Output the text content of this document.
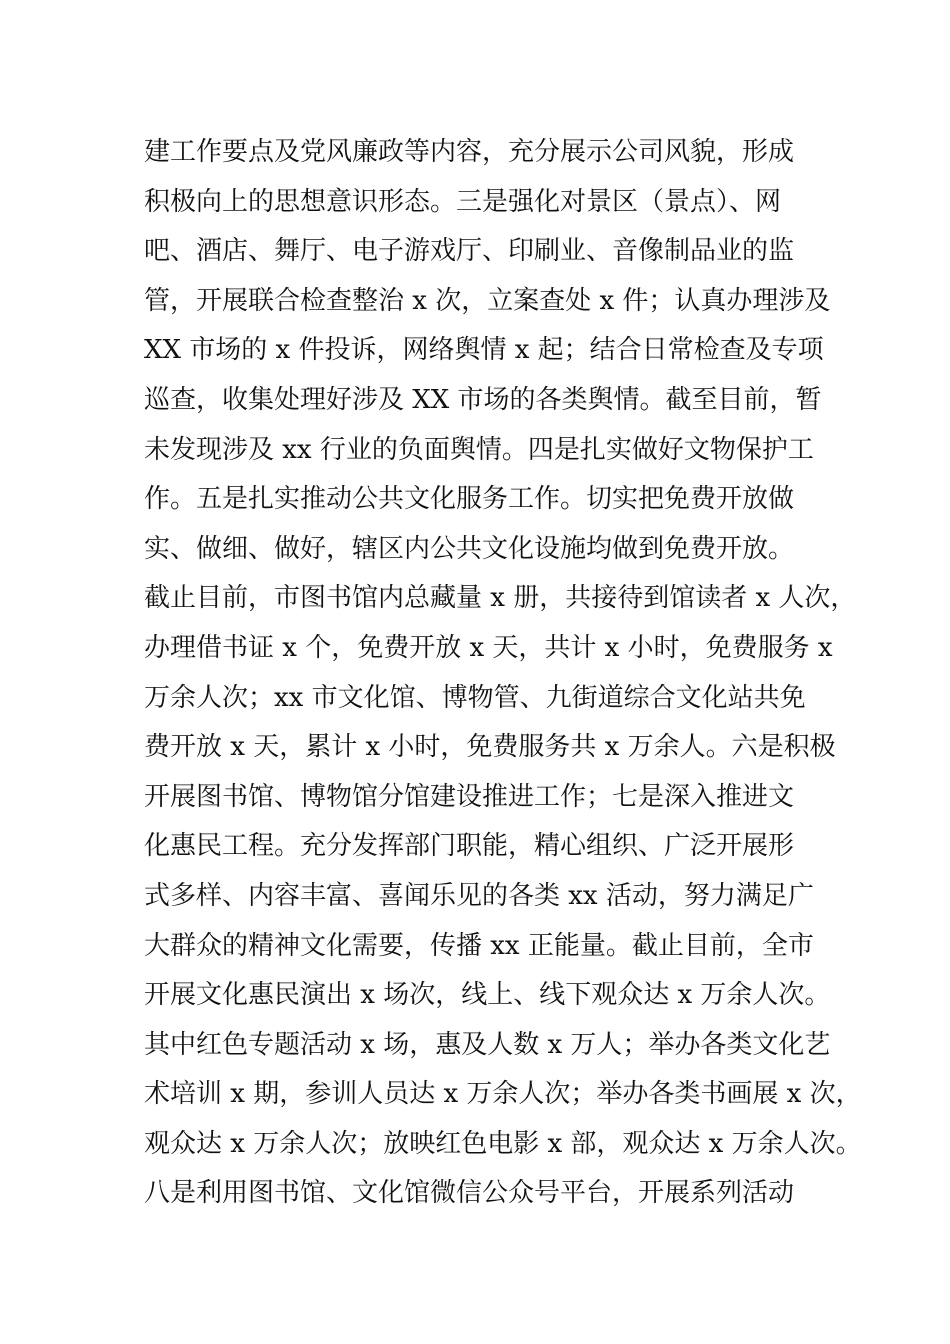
建工作要点及党风廉政等内容，充分展示公司风貌，形成
积极向上的思想意识形态。三是强化对景区（景点）、网
吧、酒店、舞厅、电子游戏厅、印刷业、音像制品业的监
管，开展联合检查整治 x 次，立案查处 x 件；认真办理涉及
XX 市场的 x 件投诉，网络舆情 x 起；结合日常检查及专项
巡查，收集处理好涉及 XX 市场的各类舆情。截至目前，暂
未发现涉及 xx 行业的负面舆情。四是扎实做好文物保护工
作。五是扎实推动公共文化服务工作。切实把免费开放做
实、做细、做好，辖区内公共文化设施均做到免费开放。
截止目前，市图书馆内总藏量 x 册，共接待到馆读者 x 人次，
办理借书证 x 个，免费开放 x 天，共计 x 小时，免费服务 x
万余人次；xx 市文化馆、博物管、九街道综合文化站共免
费开放 x 天，累计 x 小时，免费服务共 x 万余人。六是积极
开展图书馆、博物馆分馆建设推进工作；七是深入推进文
化惠民工程。充分发挥部门职能，精心组织、广泛开展形
式多样、内容丰富、喜闻乐见的各类 xx 活动，努力满足广
大群众的精神文化需要，传播 xx 正能量。截止目前，全市
开展文化惠民演出 x 场次，线上、线下观众达 x 万余人次。
其中红色专题活动 x 场，惠及人数 x 万人；举办各类文化艺
术培训 x 期，参训人员达 x 万余人次；举办各类书画展 x 次，
观众达 x 万余人次；放映红色电影 x 部，观众达 x 万余人次。
八是利用图书馆、文化馆微信公众号平台，开展系列活动
